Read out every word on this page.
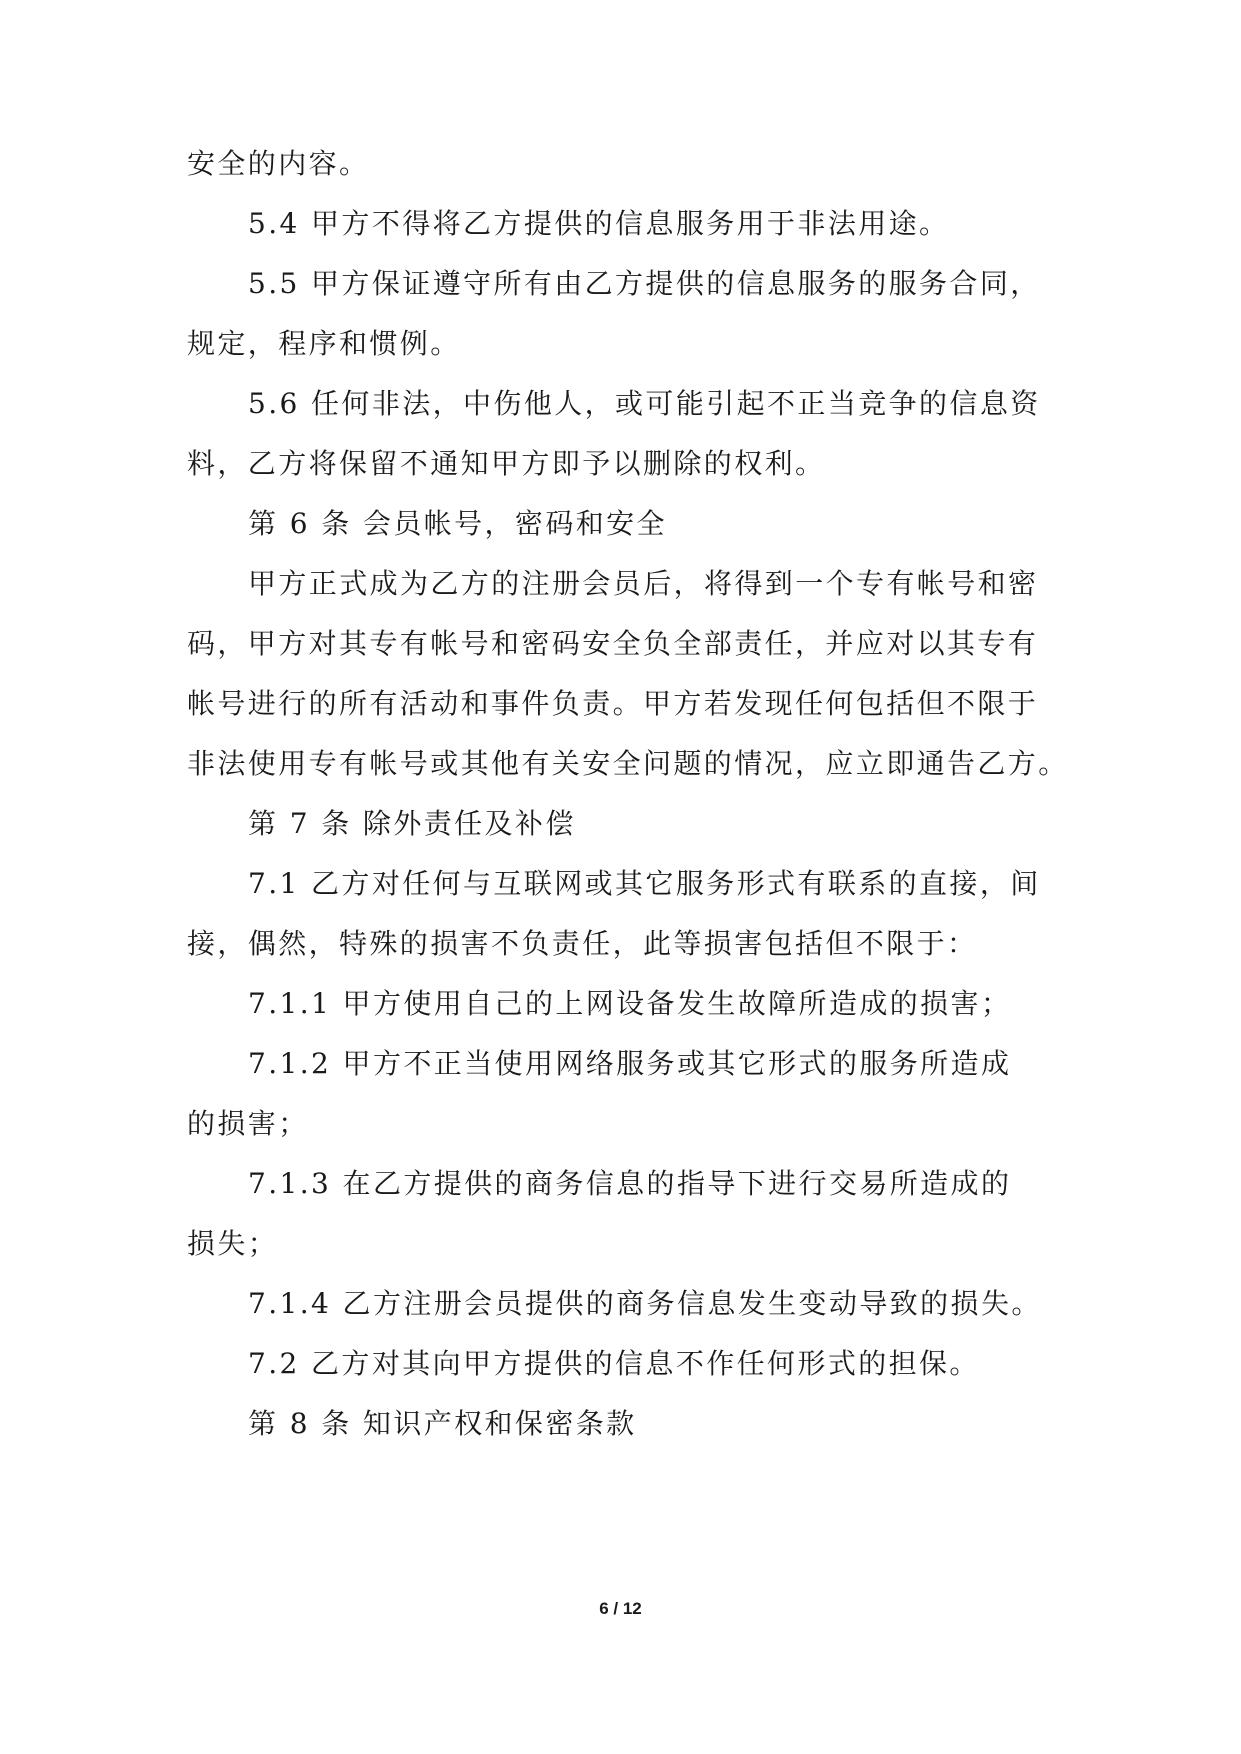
安全的内容。
5.4 甲方不得将乙方提供的信息服务用于非法用途。
5.5 甲方保证遵守所有由乙方提供的信息服务的服务合同，
规定，程序和惯例。
5.6 任何非法，中伤他人，或可能引起不正当竞争的信息资
料，乙方将保留不通知甲方即予以删除的权利。
第 6 条 会员帐号，密码和安全
甲方正式成为乙方的注册会员后，将得到一个专有帐号和密
码，甲方对其专有帐号和密码安全负全部责任，并应对以其专有
帐号进行的所有活动和事件负责。甲方若发现任何包括但不限于
非法使用专有帐号或其他有关安全问题的情况，应立即通告乙方。
第 7 条 除外责任及补偿
7.1 乙方对任何与互联网或其它服务形式有联系的直接，间
接，偶然，特殊的损害不负责任，此等损害包括但不限于：
7.1.1 甲方使用自己的上网设备发生故障所造成的损害；
7.1.2 甲方不正当使用网络服务或其它形式的服务所造成
的损害；
7.1.3 在乙方提供的商务信息的指导下进行交易所造成的
损失；
7.1.4 乙方注册会员提供的商务信息发生变动导致的损失。
7.2 乙方对其向甲方提供的信息不作任何形式的担保。
第 8 条 知识产权和保密条款
6 / 12
